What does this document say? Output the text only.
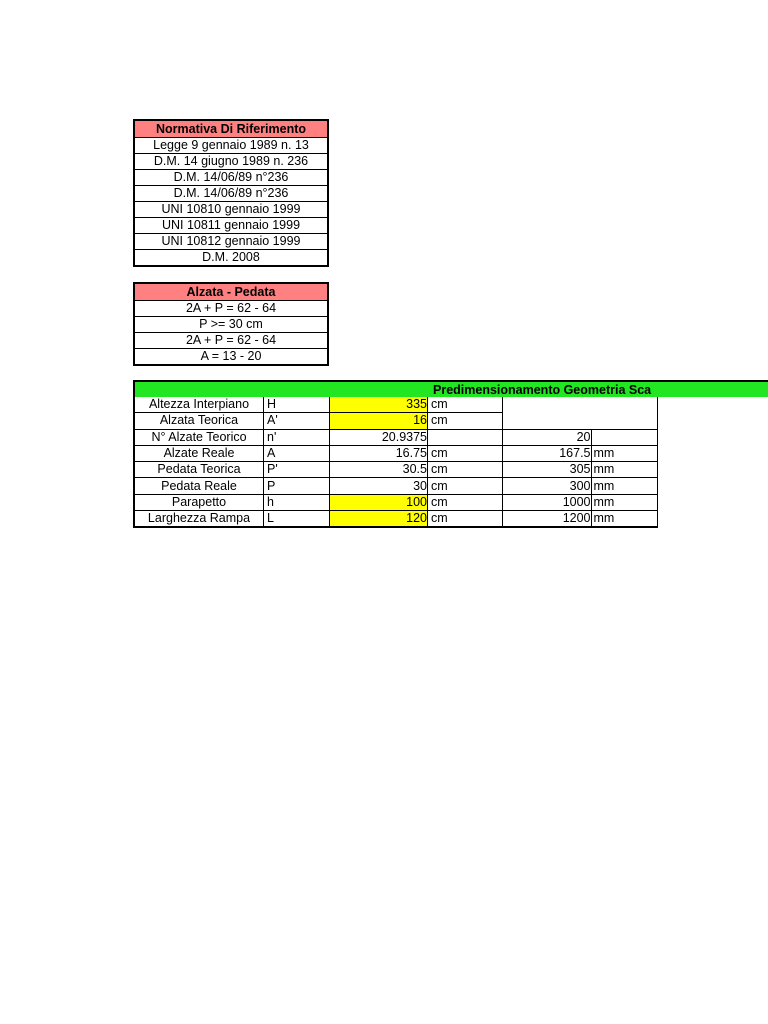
Normativa Di Riferimento
Legge 9 gennaio 1989 n. 13
D.M. 14 giugno 1989 n. 236
D.M. 14/06/89 n°236
D.M. 14/06/89 n°236
UNI 10810 gennaio 1999
UNI 10811 gennaio 1999
UNI 10812 gennaio 1999
D.M. 2008
Alzata - Pedata
2A + P = 62 - 64
P >= 30 cm
2A + P = 62 - 64
A = 13 - 20
Predimensionamento Geometria Sca
Altezza Interpiano	H	335	cm		
Alzata Teorica	A'	16	cm		
N° Alzate Teorico	n'	20.9375		20	
Alzate Reale	A	16.75	cm	167.5	mm
Pedata Teorica	P'	30.5	cm	305	mm
Pedata Reale	P	30	cm	300	mm
Parapetto	h	100	cm	1000	mm
Larghezza Rampa	L	120	cm	1200	mm
